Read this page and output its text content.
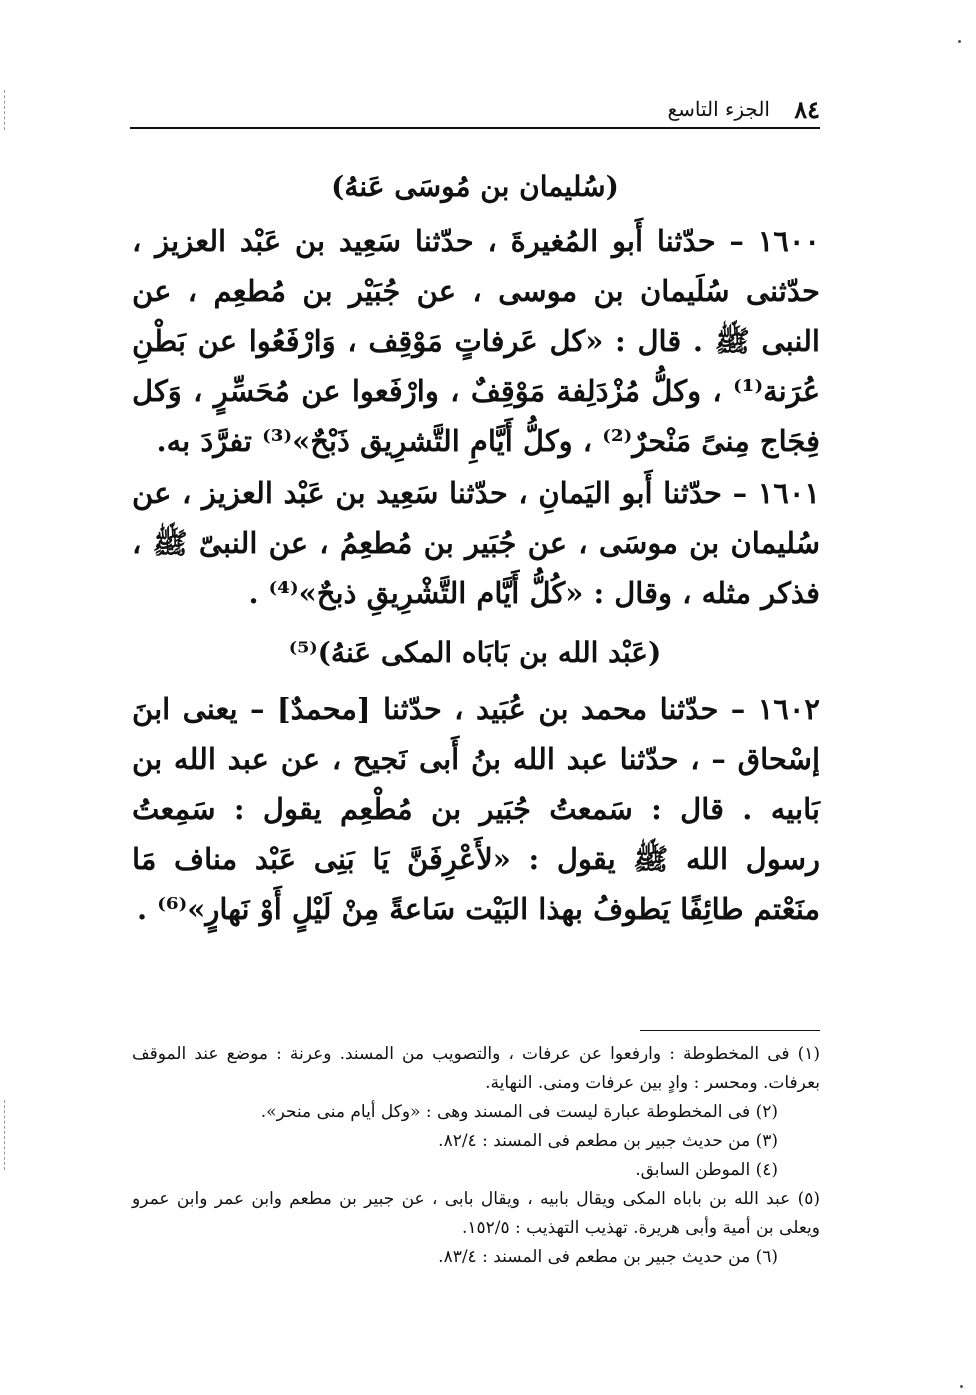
٨٤
الجزء التاسع
(سُليمان بن مُوسَى عَنهُ)

١٦٠٠ – حدّثنا أَبو المُغيرةَ ، حدّثنا سَعِيد بن عَبْد العزيز ، حدّثنى سُلَيمان بن موسى ، عن جُبَيْر بن مُطعِم ، عن النبى ﷺ . قال : «كل عَرفاتٍ مَوْقِف ، وَارْفَعُوا عن بَطْنِ عُرَنة⁽¹⁾ ، وكلُّ مُزْدَلِفة مَوْقِفٌ ، وارْفَعوا عن مُحَسِّرٍ ، وَكل فِجَاج مِنىً مَنْحرٌ⁽²⁾ ، وكلُّ أَيَّامِ التَّشرِيق ذَبْحٌ»⁽³⁾ تفرَّدَ به.

١٦٠١ – حدّثنا أَبو اليَمانِ ، حدّثنا سَعِيد بن عَبْد العزيز ، عن سُليمان بن موسَى ، عن جُبَير بن مُطعِمُ ، عن النبىّ ﷺ ، فذكر مثله ، وقال : «كُلُّ أَيَّام التَّشْرِيقِ ذبحٌ»⁽⁴⁾ .

(عَبْد الله بن بَابَاه المكى عَنهُ)⁽⁵⁾

١٦٠٢ – حدّثنا محمد بن عُبَيد ، حدّثنا [محمدٌ] – يعنى ابنَ إسْحاق – ، حدّثنا عبد الله بنُ أَبى نَجيح ، عن عبد الله بن بَابيه . قال : سَمعتُ جُبَير بن مُطْعِم يقول : سَمِعتُ رسول الله ﷺ يقول : «لأَعْرِفَنَّ يَا بَنِى عَبْد مناف مَا منَعْتم طائِفًا يَطوفُ بهذا البَيْت سَاعةً مِنْ لَيْلٍ أَوْ نَهارٍ»⁽⁶⁾ .

(١) فى المخطوطة : وارفعوا عن عرفات ، والتصويب من المسند. وعرنة : موضع عند الموقف بعرفات. ومحسر : وادٍ بين عرفات ومنى. النهاية.

(٢) فى المخطوطة عبارة ليست فى المسند وهى : «وكل أيام منى منحر».

(٣) من حديث جبير بن مطعم فى المسند : ٨٢/٤.

(٤) الموطن السابق.

(٥) عبد الله بن باباه المكى ويقال بابيه ، ويقال بابى ، عن جبير بن مطعم وابن عمر وابن عمرو ويعلى بن أمية وأبى هريرة. تهذيب التهذيب : ١٥٢/٥.

(٦) من حديث جبير بن مطعم فى المسند : ٨٣/٤.
